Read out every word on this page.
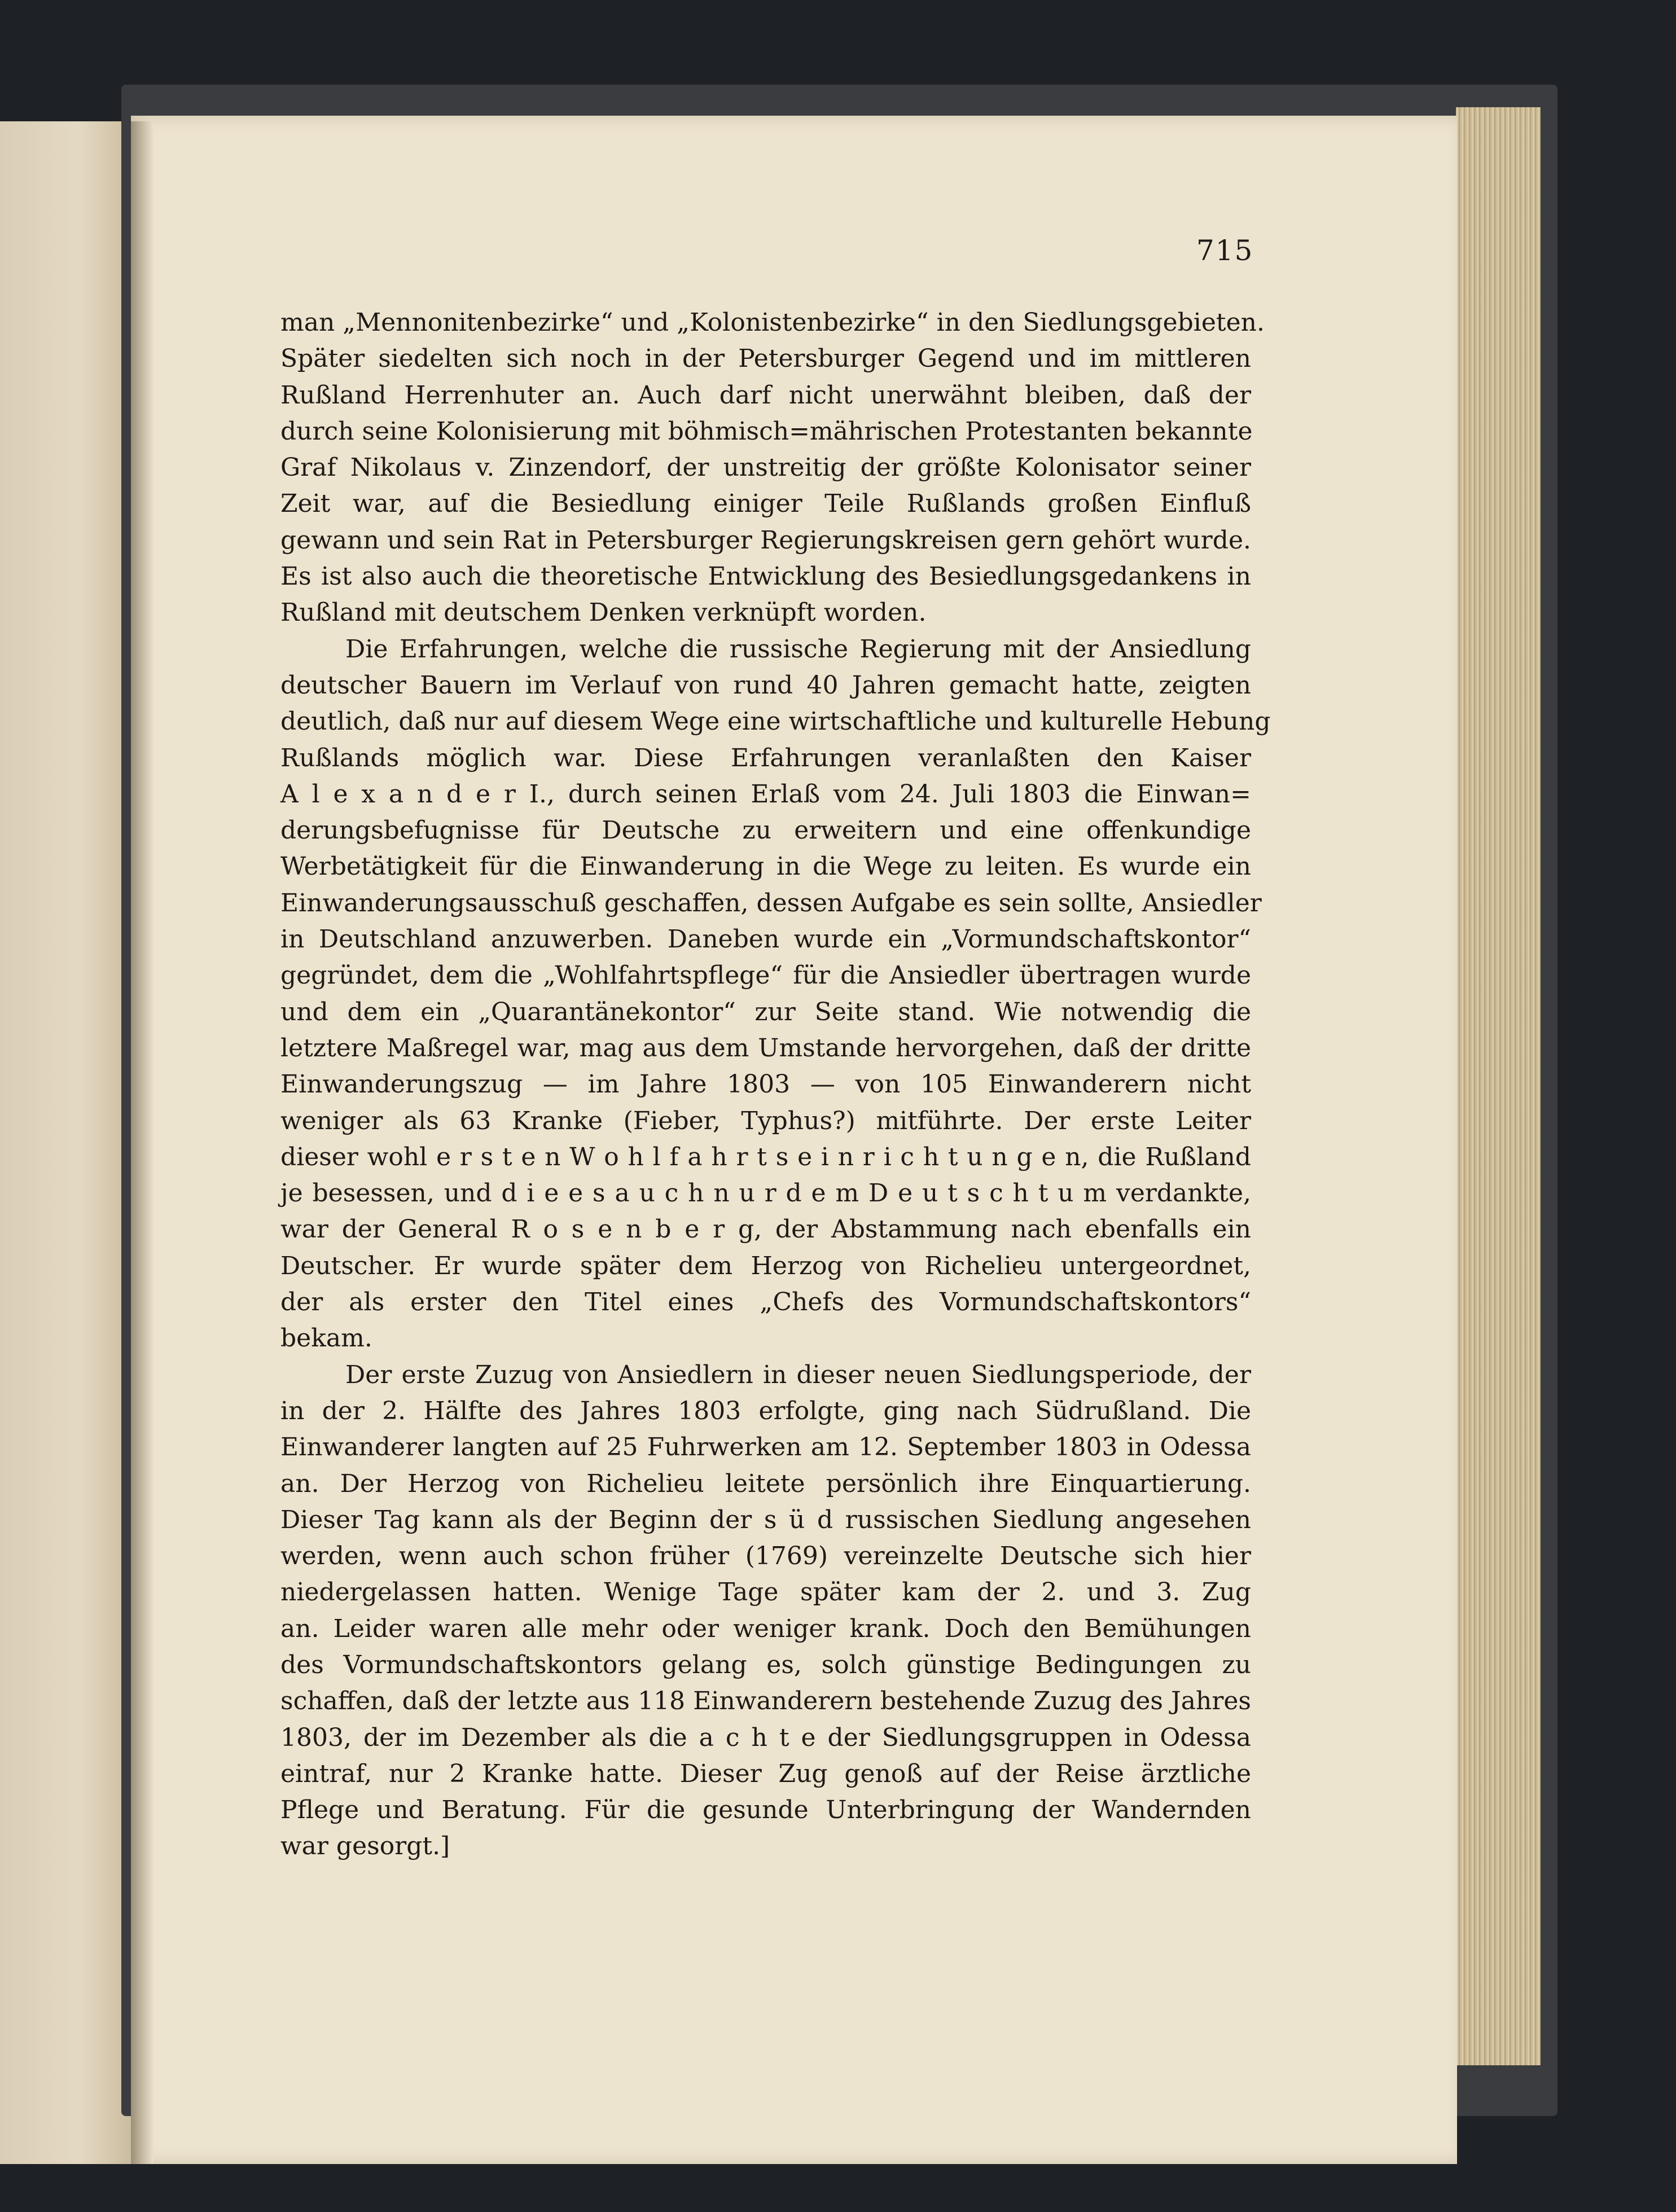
715
man „Mennonitenbezirke“ und „Kolonistenbezirke“ in den Siedlungsgebieten.
Später siedelten sich noch in der Petersburger Gegend und im mittleren
Rußland Herrenhuter an. Auch darf nicht unerwähnt bleiben, daß der
durch seine Kolonisierung mit böhmisch=mährischen Protestanten bekannte
Graf Nikolaus v. Zinzendorf, der unstreitig der größte Kolonisator seiner
Zeit war, auf die Besiedlung einiger Teile Rußlands großen Einfluß
gewann und sein Rat in Petersburger Regierungskreisen gern gehört wurde.
Es ist also auch die theoretische Entwicklung des Besiedlungsgedankens in
Rußland mit deutschem Denken verknüpft worden.
Die Erfahrungen, welche die russische Regierung mit der Ansiedlung
deutscher Bauern im Verlauf von rund 40 Jahren gemacht hatte, zeigten
deutlich, daß nur auf diesem Wege eine wirtschaftliche und kulturelle Hebung
Rußlands möglich war. Diese Erfahrungen veranlaßten den Kaiser
A l e x a n d e r I., durch seinen Erlaß vom 24. Juli 1803 die Einwan=
derungsbefugnisse für Deutsche zu erweitern und eine offenkundige
Werbetätigkeit für die Einwanderung in die Wege zu leiten. Es wurde ein
Einwanderungsausschuß geschaffen, dessen Aufgabe es sein sollte, Ansiedler
in Deutschland anzuwerben. Daneben wurde ein „Vormundschaftskontor“
gegründet, dem die „Wohlfahrtspflege“ für die Ansiedler übertragen wurde
und dem ein „Quarantänekontor“ zur Seite stand. Wie notwendig die
letztere Maßregel war, mag aus dem Umstande hervorgehen, daß der dritte
Einwanderungszug — im Jahre 1803 — von 105 Einwanderern nicht
weniger als 63 Kranke (Fieber, Typhus?) mitführte. Der erste Leiter
dieser wohl e r s t e n W o h l f a h r t s e i n r i c h t u n g e n, die Rußland
je besessen, und d i e e s a u c h n u r d e m D e u t s c h t u m verdankte,
war der General R o s e n b e r g, der Abstammung nach ebenfalls ein
Deutscher. Er wurde später dem Herzog von Richelieu untergeordnet,
der als erster den Titel eines „Chefs des Vormundschaftskontors“
bekam.
Der erste Zuzug von Ansiedlern in dieser neuen Siedlungsperiode, der
in der 2. Hälfte des Jahres 1803 erfolgte, ging nach Südrußland. Die
Einwanderer langten auf 25 Fuhrwerken am 12. September 1803 in Odessa
an. Der Herzog von Richelieu leitete persönlich ihre Einquartierung.
Dieser Tag kann als der Beginn der s ü d russischen Siedlung angesehen
werden, wenn auch schon früher (1769) vereinzelte Deutsche sich hier
niedergelassen hatten. Wenige Tage später kam der 2. und 3. Zug
an. Leider waren alle mehr oder weniger krank. Doch den Bemühungen
des Vormundschaftskontors gelang es, solch günstige Bedingungen zu
schaffen, daß der letzte aus 118 Einwanderern bestehende Zuzug des Jahres
1803, der im Dezember als die a c h t e der Siedlungsgruppen in Odessa
eintraf, nur 2 Kranke hatte. Dieser Zug genoß auf der Reise ärztliche
Pflege und Beratung. Für die gesunde Unterbringung der Wandernden
war gesorgt.]
